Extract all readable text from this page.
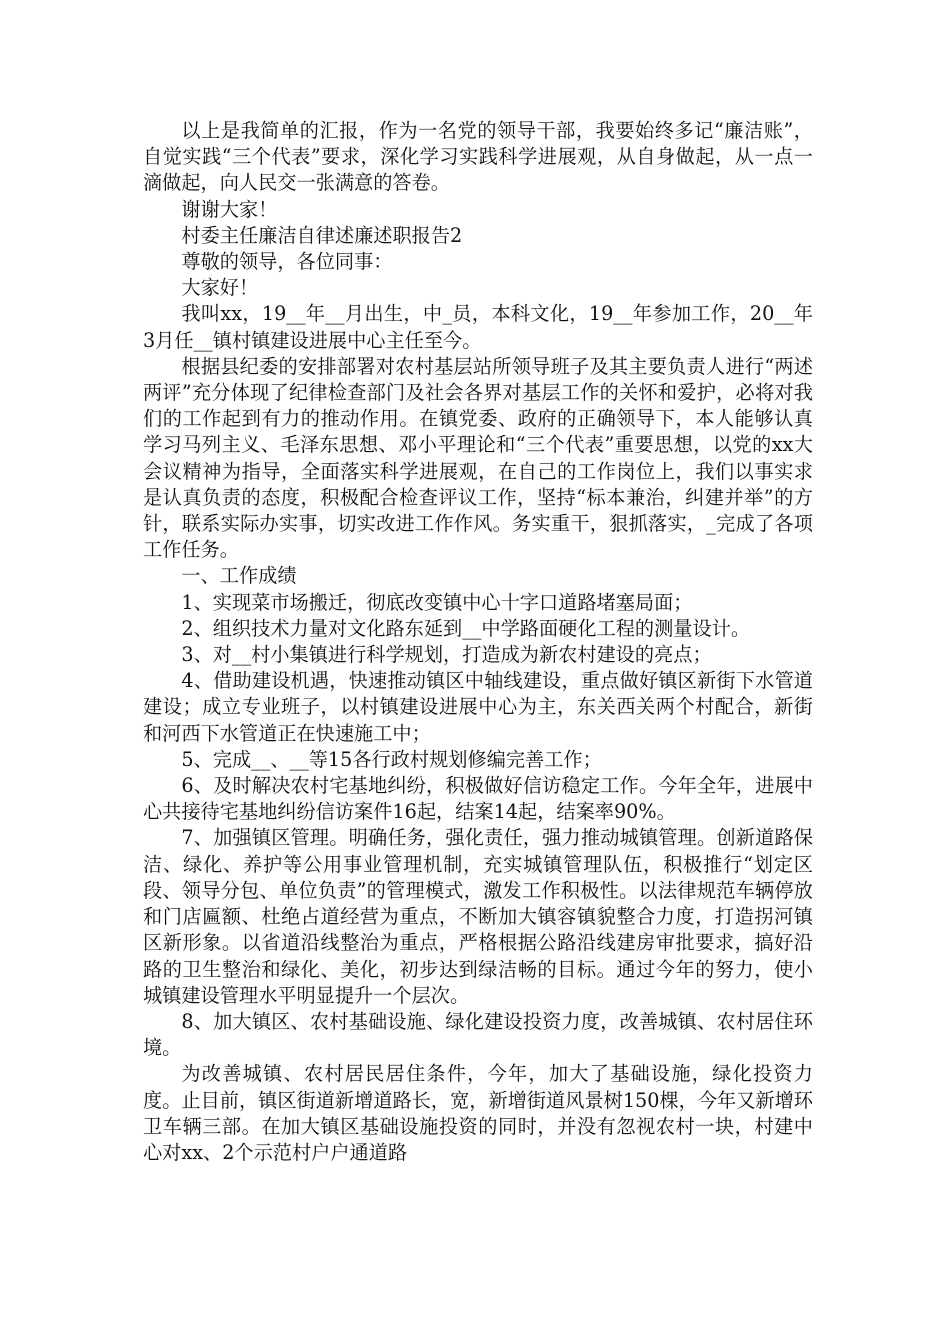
以上是我简单的汇报，作为一名党的领导干部，我要始终多记“廉洁账”，自觉实践“三个代表”要求，深化学习实践科学进展观，从自身做起，从一点一滴做起，向人民交一张满意的答卷。

谢谢大家！

村委主任廉洁自律述廉述职报告2

尊敬的领导，各位同事：

大家好！

我叫xx，19__年__月出生，中_员，本科文化，19__年参加工作，20__年3月任__镇村镇建设进展中心主任至今。

根据县纪委的安排部署对农村基层站所领导班子及其主要负责人进行“两述两评”充分体现了纪律检查部门及社会各界对基层工作的关怀和爱护，必将对我们的工作起到有力的推动作用。在镇党委、政府的正确领导下，本人能够认真学习马列主义、毛泽东思想、邓小平理论和“三个代表”重要思想，以党的xx大会议精神为指导，全面落实科学进展观，在自己的工作岗位上，我们以事实求是认真负责的态度，积极配合检查评议工作，坚持“标本兼治，纠建并举”的方针，联系实际办实事，切实改进工作作风。务实重干，狠抓落实，_完成了各项工作任务。

一、工作成绩

1、实现菜市场搬迁，彻底改变镇中心十字口道路堵塞局面；

2、组织技术力量对文化路东延到__中学路面硬化工程的测量设计。

3、对__村小集镇进行科学规划，打造成为新农村建设的亮点；

4、借助建设机遇，快速推动镇区中轴线建设，重点做好镇区新街下水管道建设；成立专业班子，以村镇建设进展中心为主，东关西关两个村配合，新街和河西下水管道正在快速施工中；

5、完成__、__等15各行政村规划修编完善工作；

6、及时解决农村宅基地纠纷，积极做好信访稳定工作。今年全年，进展中心共接待宅基地纠纷信访案件16起，结案14起，结案率90%。

7、加强镇区管理。明确任务，强化责任，强力推动城镇管理。创新道路保洁、绿化、养护等公用事业管理机制，充实城镇管理队伍，积极推行“划定区段、领导分包、单位负责”的管理模式，激发工作积极性。以法律规范车辆停放和门店匾额、杜绝占道经营为重点，不断加大镇容镇貌整合力度，打造拐河镇区新形象。以省道沿线整治为重点，严格根据公路沿线建房审批要求，搞好沿路的卫生整治和绿化、美化，初步达到绿洁畅的目标。通过今年的努力，使小城镇建设管理水平明显提升一个层次。

8、加大镇区、农村基础设施、绿化建设投资力度，改善城镇、农村居住环境。

为改善城镇、农村居民居住条件，今年，加大了基础设施，绿化投资力度。止目前，镇区街道新增道路长，宽，新增街道风景树150棵，今年又新增环卫车辆三部。在加大镇区基础设施投资的同时，并没有忽视农村一块，村建中心对xx、2个示范村户户通道路
